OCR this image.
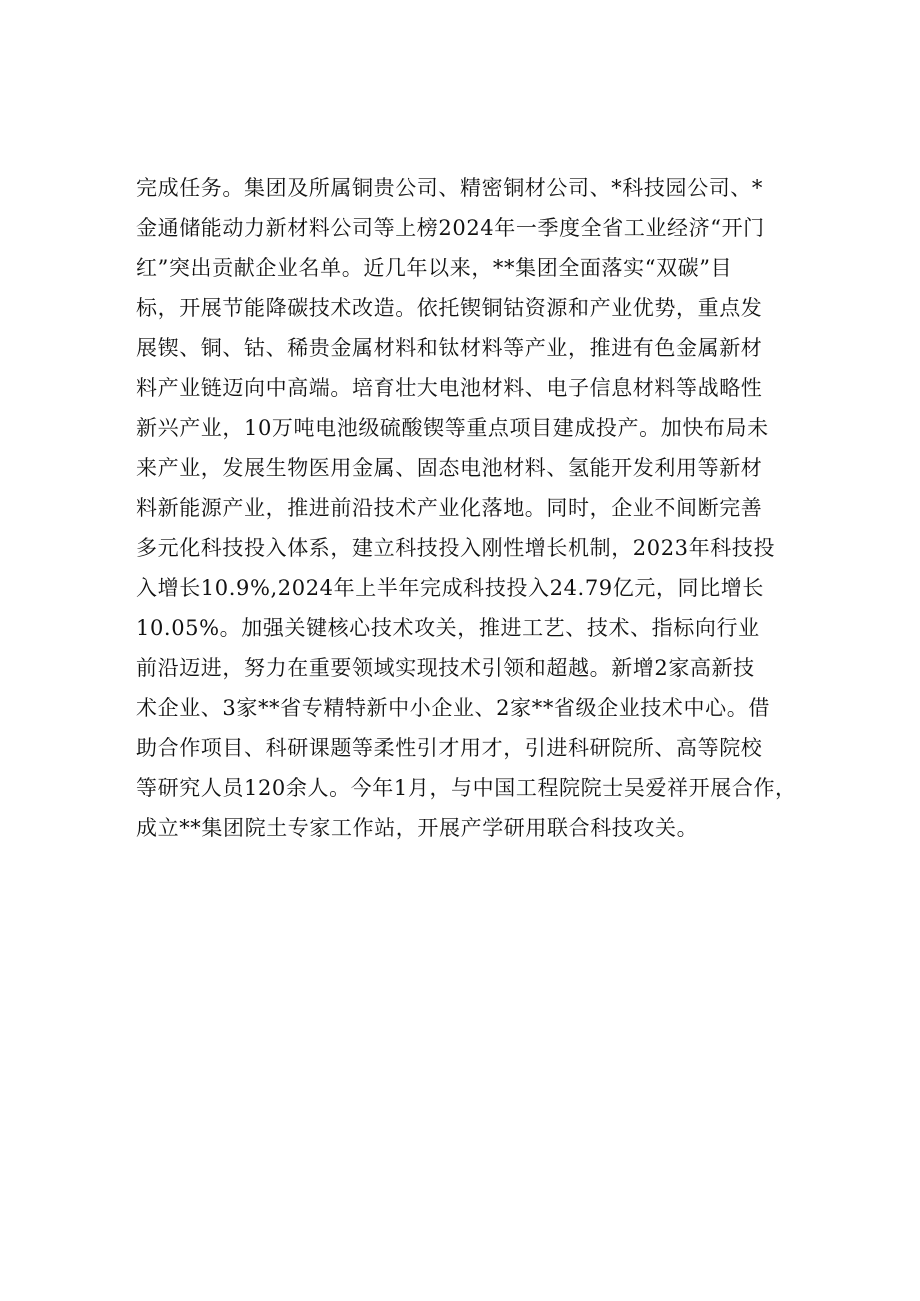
完成任务。集团及所属铜贵公司、精密铜材公司、*科技园公司、*
金通储能动力新材料公司等上榜2024年一季度全省工业经济“开门
红”突出贡献企业名单。近几年以来，**集团全面落实“双碳”目
标，开展节能降碳技术改造。依托锲铜钴资源和产业优势，重点发
展锲、铜、钴、稀贵金属材料和钛材料等产业，推进有色金属新材
料产业链迈向中高端。培育壮大电池材料、电子信息材料等战略性
新兴产业，10万吨电池级硫酸锲等重点项目建成投产。加快布局未
来产业，发展生物医用金属、固态电池材料、氢能开发利用等新材
料新能源产业，推进前沿技术产业化落地。同时，企业不间断完善
多元化科技投入体系，建立科技投入刚性增长机制，2023年科技投
入增长10.9%,2024年上半年完成科技投入24.79亿元，同比增长
10.05%。加强关键核心技术攻关，推进工艺、技术、指标向行业
前沿迈进，努力在重要领域实现技术引领和超越。新增2家高新技
术企业、3家**省专精特新中小企业、2家**省级企业技术中心。借
助合作项目、科研课题等柔性引才用才，引进科研院所、高等院校
等研究人员120余人。今年1月，与中国工程院院士吴爱祥开展合作，
成立**集团院土专家工作站，开展产学研用联合科技攻关。
